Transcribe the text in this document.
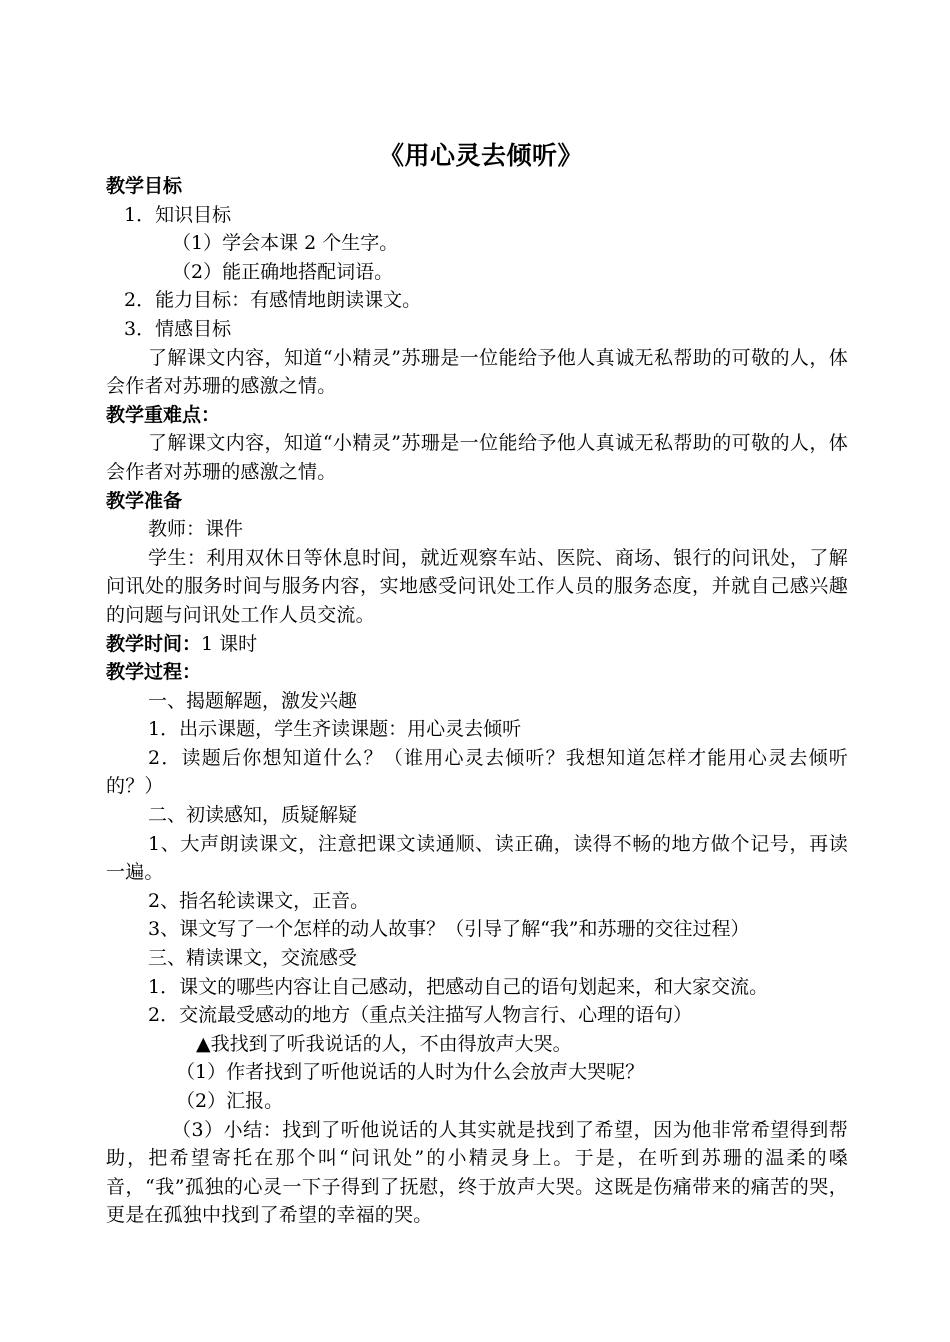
《用心灵去倾听》
教学目标
1．知识目标
（1）学会本课 2 个生字。
（2）能正确地搭配词语。
2．能力目标：有感情地朗读课文。
3．情感目标
了解课文内容，知道“小精灵”苏珊是一位能给予他人真诚无私帮助的可敬的人，体会作者对苏珊的感激之情。
教学重难点：
了解课文内容，知道“小精灵”苏珊是一位能给予他人真诚无私帮助的可敬的人，体会作者对苏珊的感激之情。
教学准备
教师：课件
学生：利用双休日等休息时间，就近观察车站、医院、商场、银行的问讯处，了解问讯处的服务时间与服务内容，实地感受问讯处工作人员的服务态度，并就自己感兴趣的问题与问讯处工作人员交流。
教学时间：1 课时
教学过程：
一、揭题解题，激发兴趣
1．出示课题，学生齐读课题：用心灵去倾听
2．读题后你想知道什么？（谁用心灵去倾听？我想知道怎样才能用心灵去倾听的？）
二、初读感知，质疑解疑
1、大声朗读课文，注意把课文读通顺、读正确，读得不畅的地方做个记号，再读一遍。
2、指名轮读课文，正音。
3、课文写了一个怎样的动人故事？（引导了解“我”和苏珊的交往过程）
三、精读课文，交流感受
1．课文的哪些内容让自己感动，把感动自己的语句划起来，和大家交流。
2．交流最受感动的地方（重点关注描写人物言行、心理的语句）
▲我找到了听我说话的人，不由得放声大哭。
（1）作者找到了听他说话的人时为什么会放声大哭呢？
（2）汇报。
（3）小结：找到了听他说话的人其实就是找到了希望，因为他非常希望得到帮助，把希望寄托在那个叫“问讯处”的小精灵身上。于是，在听到苏珊的温柔的嗓音，“我”孤独的心灵一下子得到了抚慰，终于放声大哭。这既是伤痛带来的痛苦的哭，更是在孤独中找到了希望的幸福的哭。
